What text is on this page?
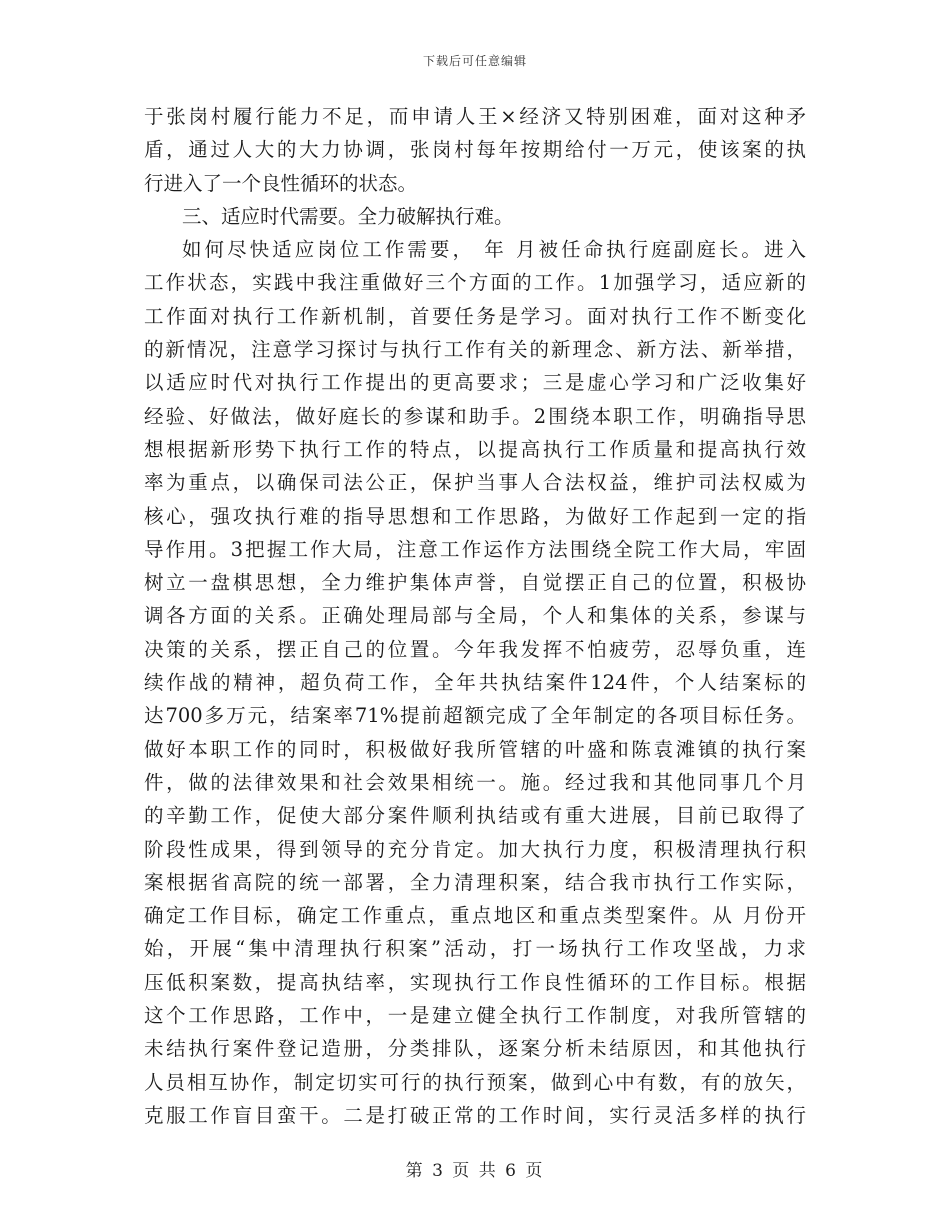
下载后可任意编辑
于张岗村履行能力不足，而申请人王×经济又特别困难，面对这种矛
盾，通过人大的大力协调，张岗村每年按期给付一万元，使该案的执
行进入了一个良性循环的状态。
三、适应时代需要。全力破解执行难。
如何尽快适应岗位工作需要， 年 月被任命执行庭副庭长。进入
工作状态，实践中我注重做好三个方面的工作。1加强学习，适应新的
工作面对执行工作新机制，首要任务是学习。面对执行工作不断变化
的新情况，注意学习探讨与执行工作有关的新理念、新方法、新举措，
以适应时代对执行工作提出的更高要求；三是虚心学习和广泛收集好
经验、好做法，做好庭长的参谋和助手。2围绕本职工作，明确指导思
想根据新形势下执行工作的特点，以提高执行工作质量和提高执行效
率为重点，以确保司法公正，保护当事人合法权益，维护司法权威为
核心，强攻执行难的指导思想和工作思路，为做好工作起到一定的指
导作用。3把握工作大局，注意工作运作方法围绕全院工作大局，牢固
树立一盘棋思想，全力维护集体声誉，自觉摆正自己的位置，积极协
调各方面的关系。正确处理局部与全局，个人和集体的关系，参谋与
决策的关系，摆正自己的位置。今年我发挥不怕疲劳，忍辱负重，连
续作战的精神，超负荷工作，全年共执结案件124件，个人结案标的
达700多万元，结案率71%提前超额完成了全年制定的各项目标任务。
做好本职工作的同时，积极做好我所管辖的叶盛和陈袁滩镇的执行案
件，做的法律效果和社会效果相统一。施。经过我和其他同事几个月
的辛勤工作，促使大部分案件顺利执结或有重大进展，目前已取得了
阶段性成果，得到领导的充分肯定。加大执行力度，积极清理执行积
案根据省高院的统一部署，全力清理积案，结合我市执行工作实际，
确定工作目标，确定工作重点，重点地区和重点类型案件。从 月份开
始，开展“集中清理执行积案”活动，打一场执行工作攻坚战，力求
压低积案数，提高执结率，实现执行工作良性循环的工作目标。根据
这个工作思路，工作中，一是建立健全执行工作制度，对我所管辖的
未结执行案件登记造册，分类排队，逐案分析未结原因，和其他执行
人员相互协作，制定切实可行的执行预案，做到心中有数，有的放矢，
克服工作盲目蛮干。二是打破正常的工作时间，实行灵活多样的执行
第 3 页 共 6 页
